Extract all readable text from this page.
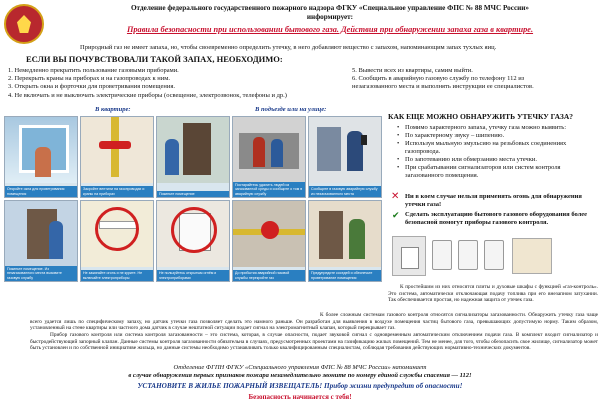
Отделение федерального государственного пожарного надзора ФГКУ «Специальное управление ФПС № 88 МЧС России»
информирует:
Правила безопасности при использовании бытового газа. Действия при обнаружении запаха газа в квартире.
Природный газ не имеет запаха, но, чтобы своевременно определить утечку, в него добавляют вещество с запахом, напоминающим запах тухлых яиц.
ЕСЛИ ВЫ ПОЧУВСТВОВАЛИ ТАКОЙ ЗАПАХ, НЕОБХОДИМО:
1. Немедленно прекратить пользование газовыми приборами.
2. Перекрыть краны на приборах и на газопроводах к ним.
3. Открыть окна и форточки для проветривания помещения.
4. Не включать и не выключать электрические приборы (освещение, электрозвонок, телефоны и др.)
5. Вывести всех из квартиры, самим выйти.
6. Сообщить в аварийную газовую службу по телефону 112 из
незагазованного места и выполнять инструкции ее специалистов.
В квартире:	В подъезде или на улице:
Откройте окна для проветривания помещения
Закройте вентили на газопроводах и краны на приборах	Покиньте помещение
Постарайтесь удалить людей из загазованной среды и сообщите о том в аварийную службу
Сообщите в газовую аварийную службу из незагазованного места
Покиньте помещение. Из незагазованного места вызовите газовую службу
Не зажигайте огонь и не курите. Не включайте электроприборы
Не пользуйтесь открытым огнём и электроприборами
До прибытия аварийной газовой службы перекройте газ
Предупредите соседей и обеспечьте проветривание помещения
КАК ЕЩЕ МОЖНО ОБНАРУЖИТЬ УТЕЧКУ ГАЗА?
• Помимо характерного запаха, утечку газа можно выявить:
• По характерному звуку – шипению.
• Используя мыльную эмульсию на резьбовых соединениях газопровода.
• По запотеванию или обмерзанию места утечки.
• При срабатывании сигнализаторов или систем контроля загазованного помещения.
✕ Ни в коем случае нельзя применять огонь для обнаружения утечки газа!
✔ Сделать эксплуатацию бытового газового оборудования более безопасной помогут приборы газового контроля.
К простейшим из них относятся плиты и духовые шкафы с функцией «газ-контроль». Это система, автоматически отключающая подачу топлива при его внезапном затухании. Так обеспечивается простая, но надежная защита от утечек газа.
К более сложным системам газового контроля относятся сигнализаторы загазованности. Обнаружить утечку газа чаще всего удается лишь по специфическому запаху, но датчик утечки газа позволяет сделать это намного раньше. Он разработан для выявления в воздухе помещения частиц бытового газа, превышающих допустимую норму. Таким образом, установленный на стене квартиры или частного дома датчик в случае нештатной ситуации подает сигнал на электромагнитный клапан, который перекрывает газ.
Прибор газового контроля или система контроля загазованности – это система, которая, в случае опасности, подает звуковой сигнал с одновременным автоматическим отключением подачи газа. В комплект входит сигнализатор и быстродействующий запорный клапан. Данные системы контроля загазованности обязательна в случаях, предусмотренных проектами на газификацию жилых помещений. Тем не менее, для того, чтобы обезопасить свое жилище, сигнализатор может быть установлен и по собственной инициативе жильца, но данные системы необходимо устанавливать только квалифицированным специалистам, соблюдая требования действующих нормативно-технических документов.
Отделение ФГПН ФГКУ «Специального управления ФПС № 88 МЧС России» напоминает
в случае обнаружения первых признаков пожара незамедлительно звоните по номеру единой службы спасения — 112!
УСТАНОВИТЕ В ЖИЛЬЕ ПОЖАРНЫЙ ИЗВЕЩАТЕЛЬ! Прибор жизни предупредит об опасности!
Безопасность начинается с тебя!
